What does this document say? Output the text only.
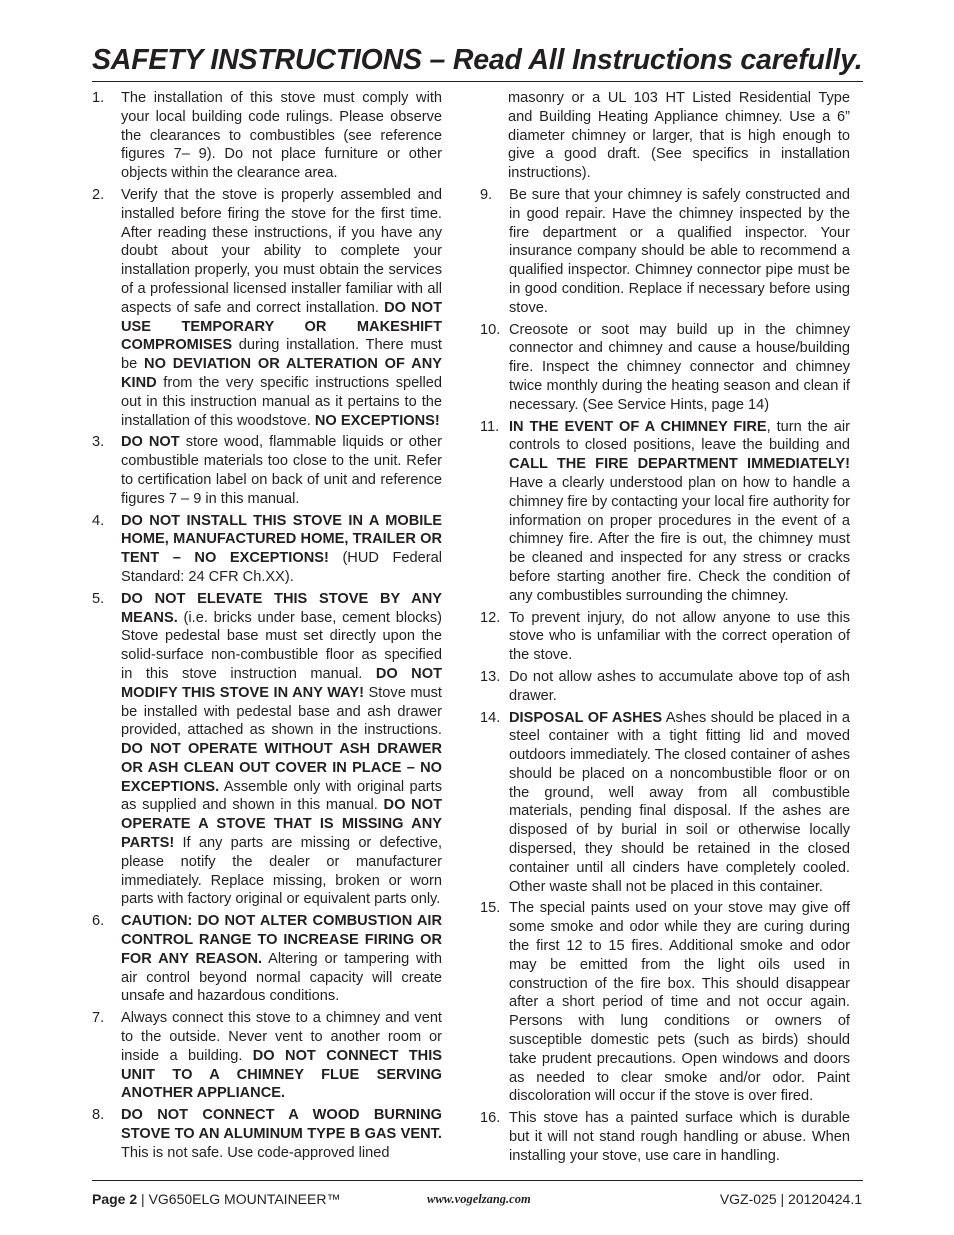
SAFETY INSTRUCTIONS – Read All Instructions carefully.
1. The installation of this stove must comply with your local building code rulings. Please observe the clearances to combustibles (see reference figures 7– 9). Do not place furniture or other objects within the clearance area.
2. Verify that the stove is properly assembled and installed before firing the stove for the first time. After reading these instructions, if you have any doubt about your ability to complete your installation properly, you must obtain the services of a professional licensed installer familiar with all aspects of safe and correct installation. DO NOT USE TEMPORARY OR MAKESHIFT COMPROMISES during installation. There must be NO DEVIATION OR ALTERATION OF ANY KIND from the very specific instructions spelled out in this instruction manual as it pertains to the installation of this woodstove. NO EXCEPTIONS!
3. DO NOT store wood, flammable liquids or other combustible materials too close to the unit. Refer to certification label on back of unit and reference figures 7 – 9 in this manual.
4. DO NOT INSTALL THIS STOVE IN A MOBILE HOME, MANUFACTURED HOME, TRAILER OR TENT – NO EXCEPTIONS! (HUD Federal Standard: 24 CFR Ch.XX).
5. DO NOT ELEVATE THIS STOVE BY ANY MEANS. (i.e. bricks under base, cement blocks) Stove pedestal base must set directly upon the solid-surface non-combustible floor as specified in this stove instruction manual. DO NOT MODIFY THIS STOVE IN ANY WAY! Stove must be installed with pedestal base and ash drawer provided, attached as shown in the instructions. DO NOT OPERATE WITHOUT ASH DRAWER OR ASH CLEAN OUT COVER IN PLACE – NO EXCEPTIONS. Assemble only with original parts as supplied and shown in this manual. DO NOT OPERATE A STOVE THAT IS MISSING ANY PARTS! If any parts are missing or defective, please notify the dealer or manufacturer immediately. Replace missing, broken or worn parts with factory original or equivalent parts only.
6. CAUTION: DO NOT ALTER COMBUSTION AIR CONTROL RANGE TO INCREASE FIRING OR FOR ANY REASON. Altering or tampering with air control beyond normal capacity will create unsafe and hazardous conditions.
7. Always connect this stove to a chimney and vent to the outside. Never vent to another room or inside a building. DO NOT CONNECT THIS UNIT TO A CHIMNEY FLUE SERVING ANOTHER APPLIANCE.
8. DO NOT CONNECT A WOOD BURNING STOVE TO AN ALUMINUM TYPE B GAS VENT. This is not safe. Use code-approved lined
masonry or a UL 103 HT Listed Residential Type and Building Heating Appliance chimney. Use a 6” diameter chimney or larger, that is high enough to give a good draft. (See specifics in installation instructions).
9. Be sure that your chimney is safely constructed and in good repair. Have the chimney inspected by the fire department or a qualified inspector. Your insurance company should be able to recommend a qualified inspector. Chimney connector pipe must be in good condition. Replace if necessary before using stove.
10. Creosote or soot may build up in the chimney connector and chimney and cause a house/building fire. Inspect the chimney connector and chimney twice monthly during the heating season and clean if necessary. (See Service Hints, page 14)
11. IN THE EVENT OF A CHIMNEY FIRE, turn the air controls to closed positions, leave the building and CALL THE FIRE DEPARTMENT IMMEDIATELY! Have a clearly understood plan on how to handle a chimney fire by contacting your local fire authority for information on proper procedures in the event of a chimney fire. After the fire is out, the chimney must be cleaned and inspected for any stress or cracks before starting another fire. Check the condition of any combustibles surrounding the chimney.
12. To prevent injury, do not allow anyone to use this stove who is unfamiliar with the correct operation of the stove.
13. Do not allow ashes to accumulate above top of ash drawer.
14. DISPOSAL OF ASHES Ashes should be placed in a steel container with a tight fitting lid and moved outdoors immediately. The closed container of ashes should be placed on a noncombustible floor or on the ground, well away from all combustible materials, pending final disposal. If the ashes are disposed of by burial in soil or otherwise locally dispersed, they should be retained in the closed container until all cinders have completely cooled. Other waste shall not be placed in this container.
15. The special paints used on your stove may give off some smoke and odor while they are curing during the first 12 to 15 fires. Additional smoke and odor may be emitted from the light oils used in construction of the fire box. This should disappear after a short period of time and not occur again. Persons with lung conditions or owners of susceptible domestic pets (such as birds) should take prudent precautions. Open windows and doors as needed to clear smoke and/or odor. Paint discoloration will occur if the stove is over fired.
16. This stove has a painted surface which is durable but it will not stand rough handling or abuse. When installing your stove, use care in handling.
Page 2 | VG650ELG MOUNTAINEER™	www.vogelzang.com	VGZ-025 | 20120424.1
